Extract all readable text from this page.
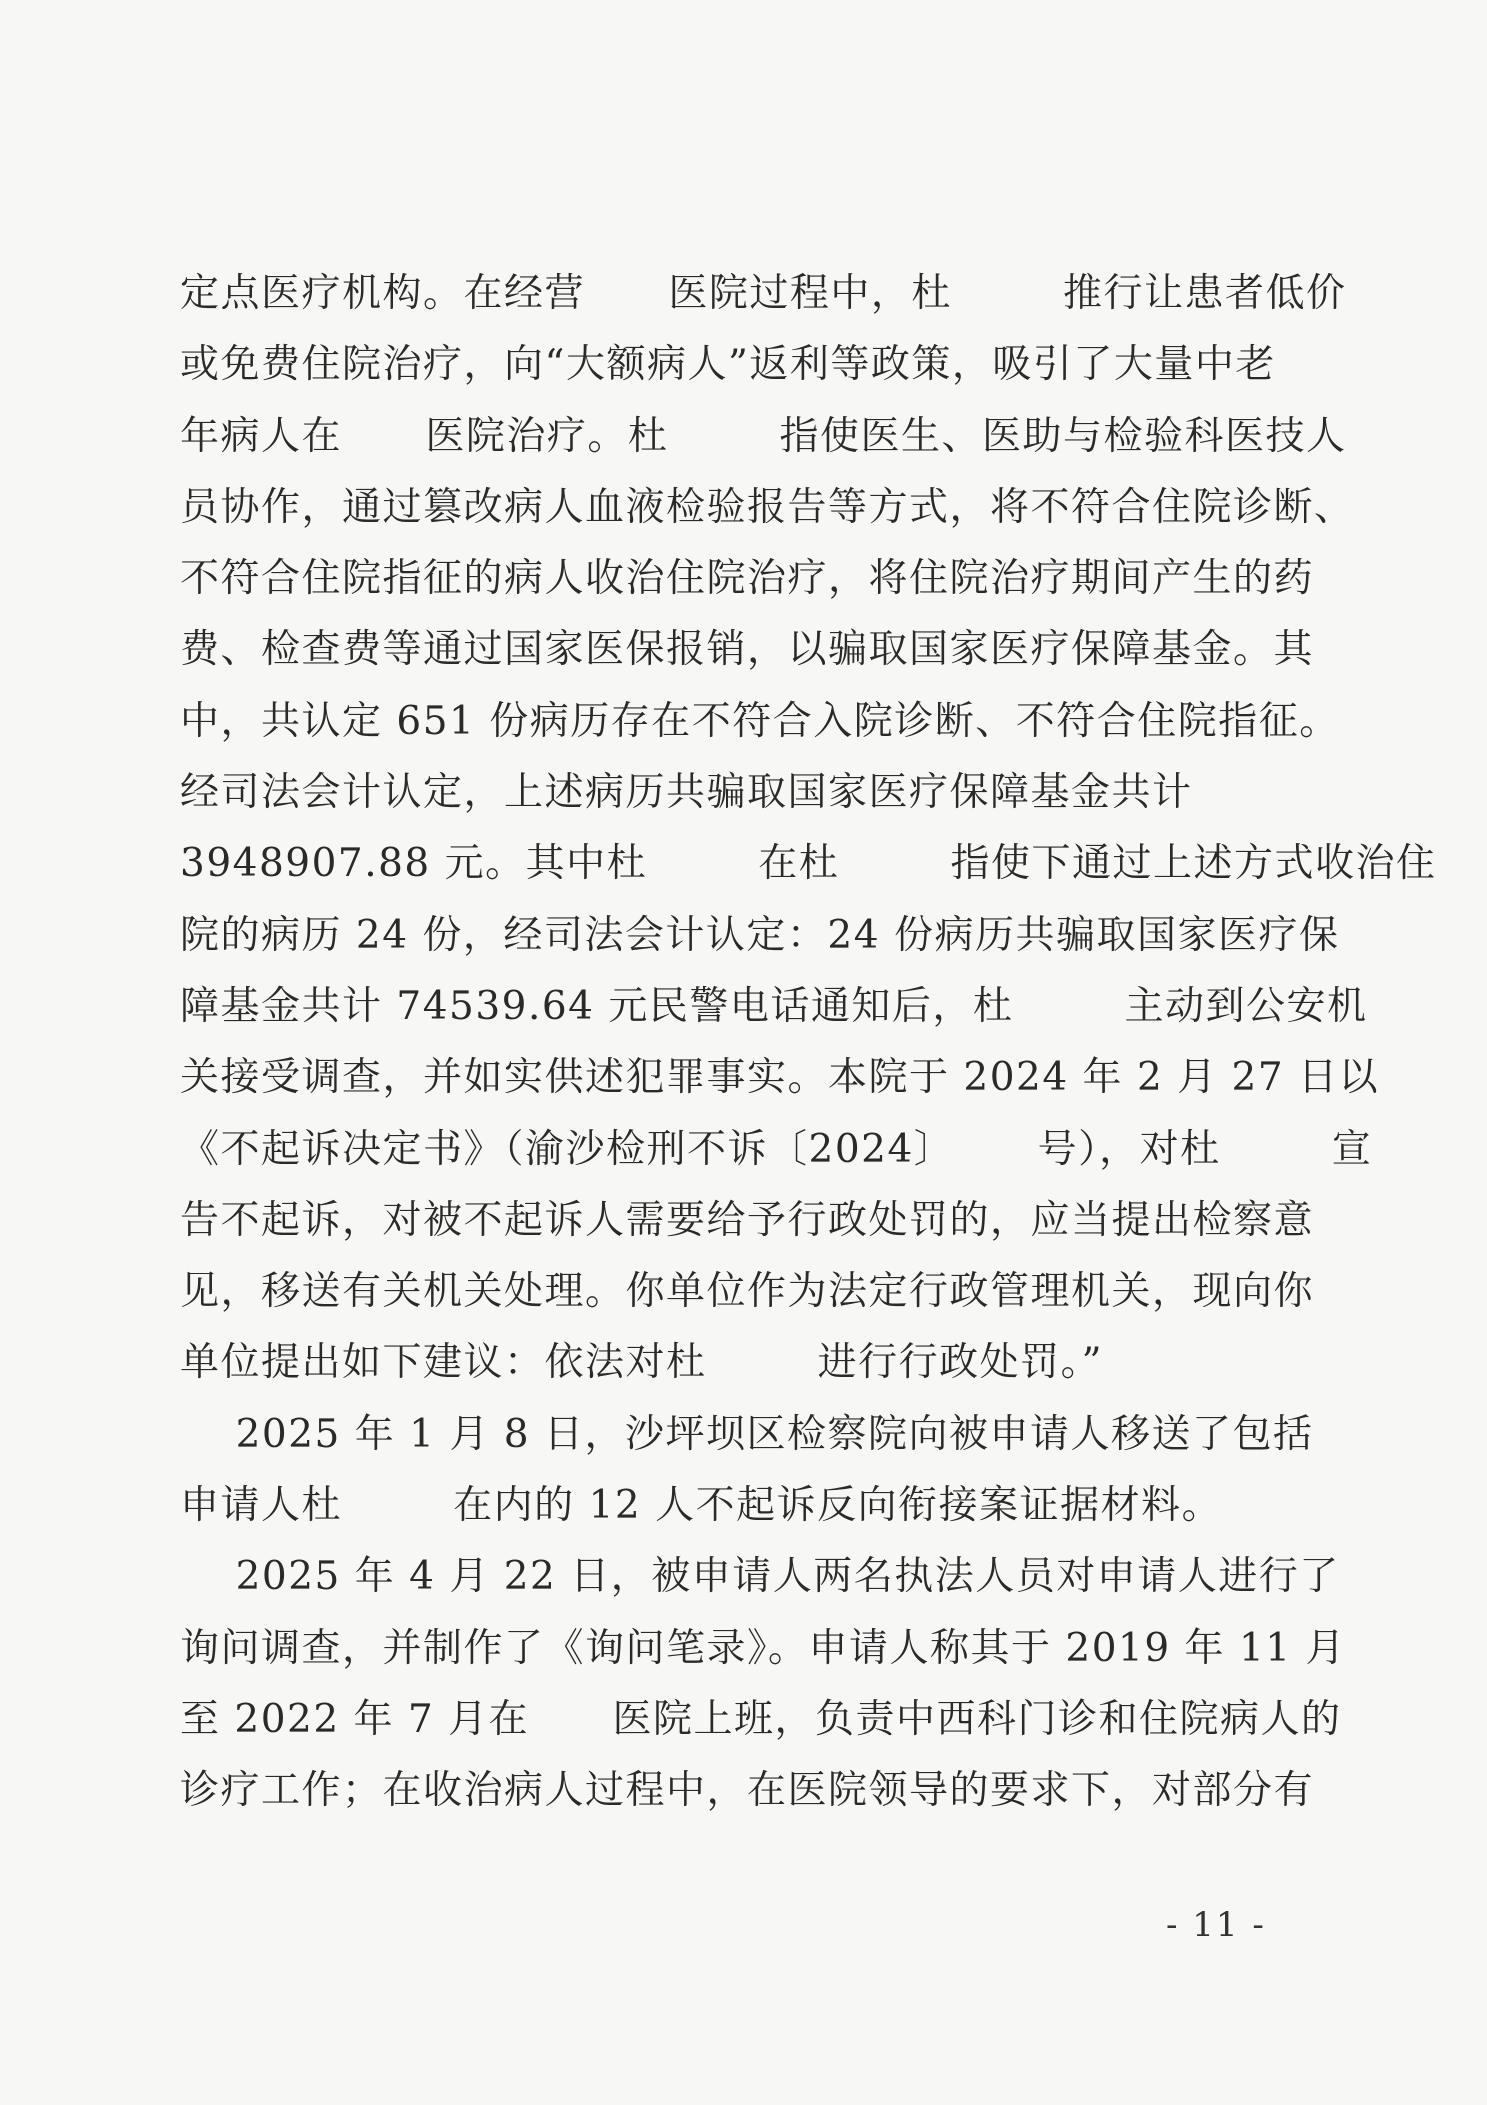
定点医疗机构。在经营      医院过程中，杜        推行让患者低价
或免费住院治疗，向“大额病人”返利等政策，吸引了大量中老
年病人在      医院治疗。杜        指使医生、医助与检验科医技人
员协作，通过篡改病人血液检验报告等方式，将不符合住院诊断、
不符合住院指征的病人收治住院治疗，将住院治疗期间产生的药
费、检查费等通过国家医保报销，以骗取国家医疗保障基金。其
中，共认定 651 份病历存在不符合入院诊断、不符合住院指征。
经司法会计认定，上述病历共骗取国家医疗保障基金共计
3948907.88 元。其中杜        在杜        指使下通过上述方式收治住
院的病历 24 份，经司法会计认定：24 份病历共骗取国家医疗保
障基金共计 74539.64 元民警电话通知后，杜        主动到公安机
关接受调查，并如实供述犯罪事实。本院于 2024 年 2 月 27 日以
《不起诉决定书》（渝沙检刑不诉〔2024〕      号），对杜        宣
告不起诉，对被不起诉人需要给予行政处罚的，应当提出检察意
见，移送有关机关处理。你单位作为法定行政管理机关，现向你
单位提出如下建议：依法对杜        进行行政处罚。”
2025 年 1 月 8 日，沙坪坝区检察院向被申请人移送了包括
申请人杜        在内的 12 人不起诉反向衔接案证据材料。
2025 年 4 月 22 日，被申请人两名执法人员对申请人进行了
询问调查，并制作了《询问笔录》。申请人称其于 2019 年 11 月
至 2022 年 7 月在      医院上班，负责中西科门诊和住院病人的
诊疗工作；在收治病人过程中，在医院领导的要求下，对部分有
- 11 -
